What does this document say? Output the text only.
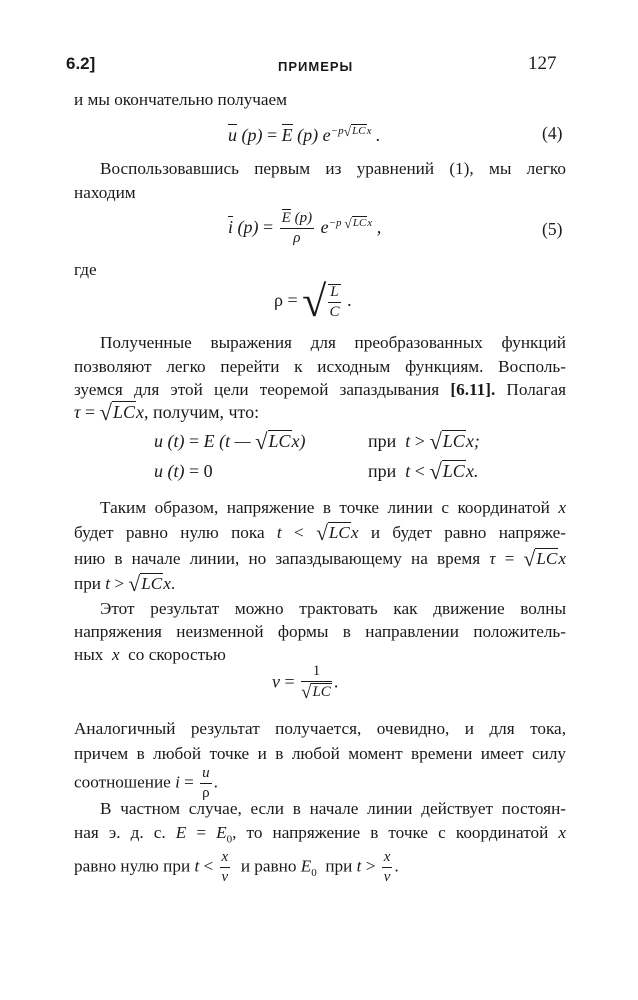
6.2]	ПРИМЕРЫ	127
и мы окончательно получаем
u (p) = E (p) $e^{-p√LCx}$ .	(4)
Воспользовавшись первым из уравнений (1), мы легко
находим
i $(p) = \frac{E (p)}{\rho} e^{-p √LCx}$ ,	(5)
где
ρ = √ $\frac{L}{C}$ .
Полученные выражения для преобразованных функций
позволяют легко перейти к исходным функциям. Восполь-
зуемся для этой цели теоремой запаздывания [6.11]. Полагая
τ = √LCx, получим, что:
u (t) = E (t — √LCx)	при  t > √LCx;
u (t) = 0	при  t < √LCx.
Таким образом, напряжение в точке линии с координатой x
будет равно нулю пока t < √LCx и будет равно напряже-
нию в начале линии, но запаздывающему на время τ = √LCx
при t > √LCx.
Этот результат можно трактовать как движение волны
напряжения неизменной формы в направлении положитель-
ных x со скоростью
$v = \frac{1}{√LC}$ .
Аналогичный результат получается, очевидно, и для тока,
причем в любой точке и в любой момент времени имеет силу
соотношение $i = \frac{u}{\rho}$ .
В частном случае, если в начале линии действует постоян-
ная э. д. с. $E = E_0$, то напряжение в точке с координатой x
равно нулю при $t < \frac{x}{v}$ и равно $E_0$ при $t > \frac{x}{v}$ .
